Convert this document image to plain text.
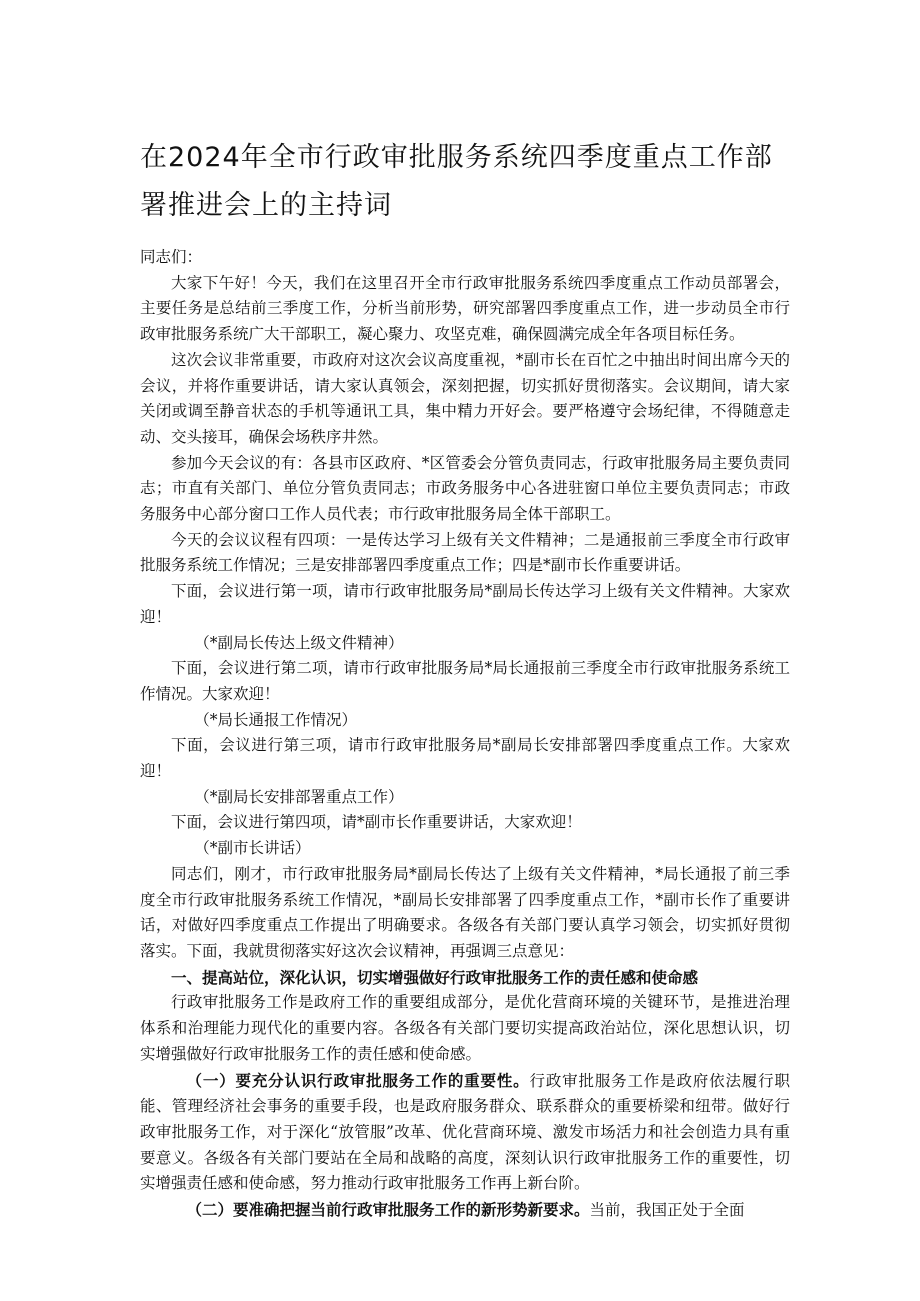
在2024年全市行政审批服务系统四季度重点工作部署推进会上的主持词

同志们：

大家下午好！今天，我们在这里召开全市行政审批服务系统四季度重点工作动员部署会，主要任务是总结前三季度工作，分析当前形势，研究部署四季度重点工作，进一步动员全市行政审批服务系统广大干部职工，凝心聚力、攻坚克难，确保圆满完成全年各项目标任务。

这次会议非常重要，市政府对这次会议高度重视，*副市长在百忙之中抽出时间出席今天的会议，并将作重要讲话，请大家认真领会，深刻把握，切实抓好贯彻落实。会议期间，请大家关闭或调至静音状态的手机等通讯工具，集中精力开好会。要严格遵守会场纪律，不得随意走动、交头接耳，确保会场秩序井然。

参加今天会议的有：各县市区政府、*区管委会分管负责同志，行政审批服务局主要负责同志；市直有关部门、单位分管负责同志；市政务服务中心各进驻窗口单位主要负责同志；市政务服务中心部分窗口工作人员代表；市行政审批服务局全体干部职工。

今天的会议议程有四项：一是传达学习上级有关文件精神；二是通报前三季度全市行政审批服务系统工作情况；三是安排部署四季度重点工作；四是*副市长作重要讲话。

下面，会议进行第一项，请市行政审批服务局*副局长传达学习上级有关文件精神。大家欢迎！

（*副局长传达上级文件精神）

下面，会议进行第二项，请市行政审批服务局*局长通报前三季度全市行政审批服务系统工作情况。大家欢迎！

（*局长通报工作情况）

下面，会议进行第三项，请市行政审批服务局*副局长安排部署四季度重点工作。大家欢迎！

（*副局长安排部署重点工作）

下面，会议进行第四项，请*副市长作重要讲话，大家欢迎！

（*副市长讲话）

同志们，刚才，市行政审批服务局*副局长传达了上级有关文件精神，*局长通报了前三季度全市行政审批服务系统工作情况，*副局长安排部署了四季度重点工作，*副市长作了重要讲话，对做好四季度重点工作提出了明确要求。各级各有关部门要认真学习领会，切实抓好贯彻落实。下面，我就贯彻落实好这次会议精神，再强调三点意见：

一、提高站位，深化认识，切实增强做好行政审批服务工作的责任感和使命感

行政审批服务工作是政府工作的重要组成部分，是优化营商环境的关键环节，是推进治理体系和治理能力现代化的重要内容。各级各有关部门要切实提高政治站位，深化思想认识，切实增强做好行政审批服务工作的责任感和使命感。

（一）要充分认识行政审批服务工作的重要性。行政审批服务工作是政府依法履行职能、管理经济社会事务的重要手段，也是政府服务群众、联系群众的重要桥梁和纽带。做好行政审批服务工作，对于深化“放管服”改革、优化营商环境、激发市场活力和社会创造力具有重要意义。各级各有关部门要站在全局和战略的高度，深刻认识行政审批服务工作的重要性，切实增强责任感和使命感，努力推动行政审批服务工作再上新台阶。

（二）要准确把握当前行政审批服务工作的新形势新要求。当前，我国正处于全面
